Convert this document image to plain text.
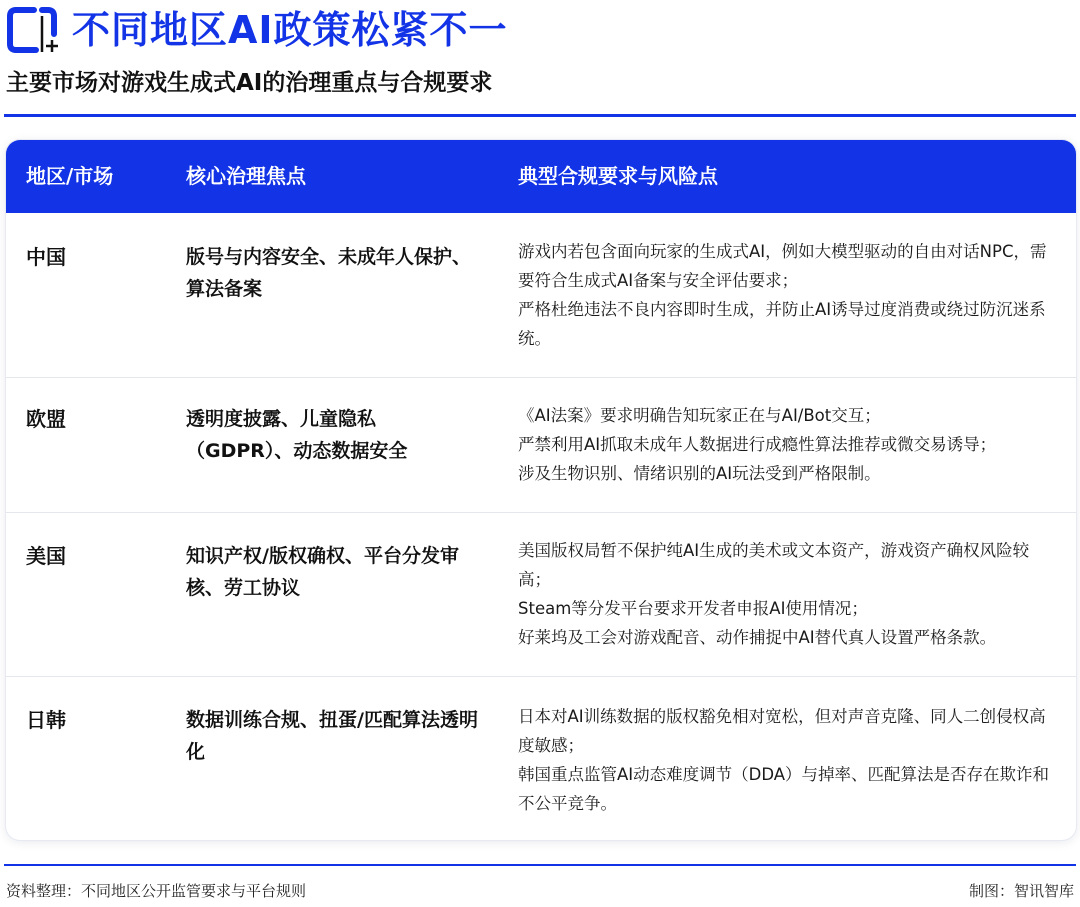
不同地区AI政策松紧不一
主要市场对游戏生成式AI的治理重点与合规要求
地区/市场	核心治理焦点	典型合规要求与风险点
中国	版号与内容安全、未成年人保护、算法备案
游戏内若包含面向玩家的生成式AI，例如大模型驱动的自由对话NPC，需要符合生成式AI备案与安全评估要求；
严格杜绝违法不良内容即时生成，并防止AI诱导过度消费或绕过防沉迷系统。
欧盟	透明度披露、儿童隐私（GDPR）、动态数据安全
《AI法案》要求明确告知玩家正在与AI/Bot交互；
严禁利用AI抓取未成年人数据进行成瘾性算法推荐或微交易诱导；
涉及生物识别、情绪识别的AI玩法受到严格限制。
美国	知识产权/版权确权、平台分发审核、劳工协议
美国版权局暂不保护纯AI生成的美术或文本资产，游戏资产确权风险较高；
Steam等分发平台要求开发者申报AI使用情况；
好莱坞及工会对游戏配音、动作捕捉中AI替代真人设置严格条款。
日韩	数据训练合规、扭蛋/匹配算法透明化
日本对AI训练数据的版权豁免相对宽松，但对声音克隆、同人二创侵权高度敏感；
韩国重点监管AI动态难度调节（DDA）与掉率、匹配算法是否存在欺诈和不公平竞争。
资料整理：不同地区公开监管要求与平台规则	制图：智讯智库
